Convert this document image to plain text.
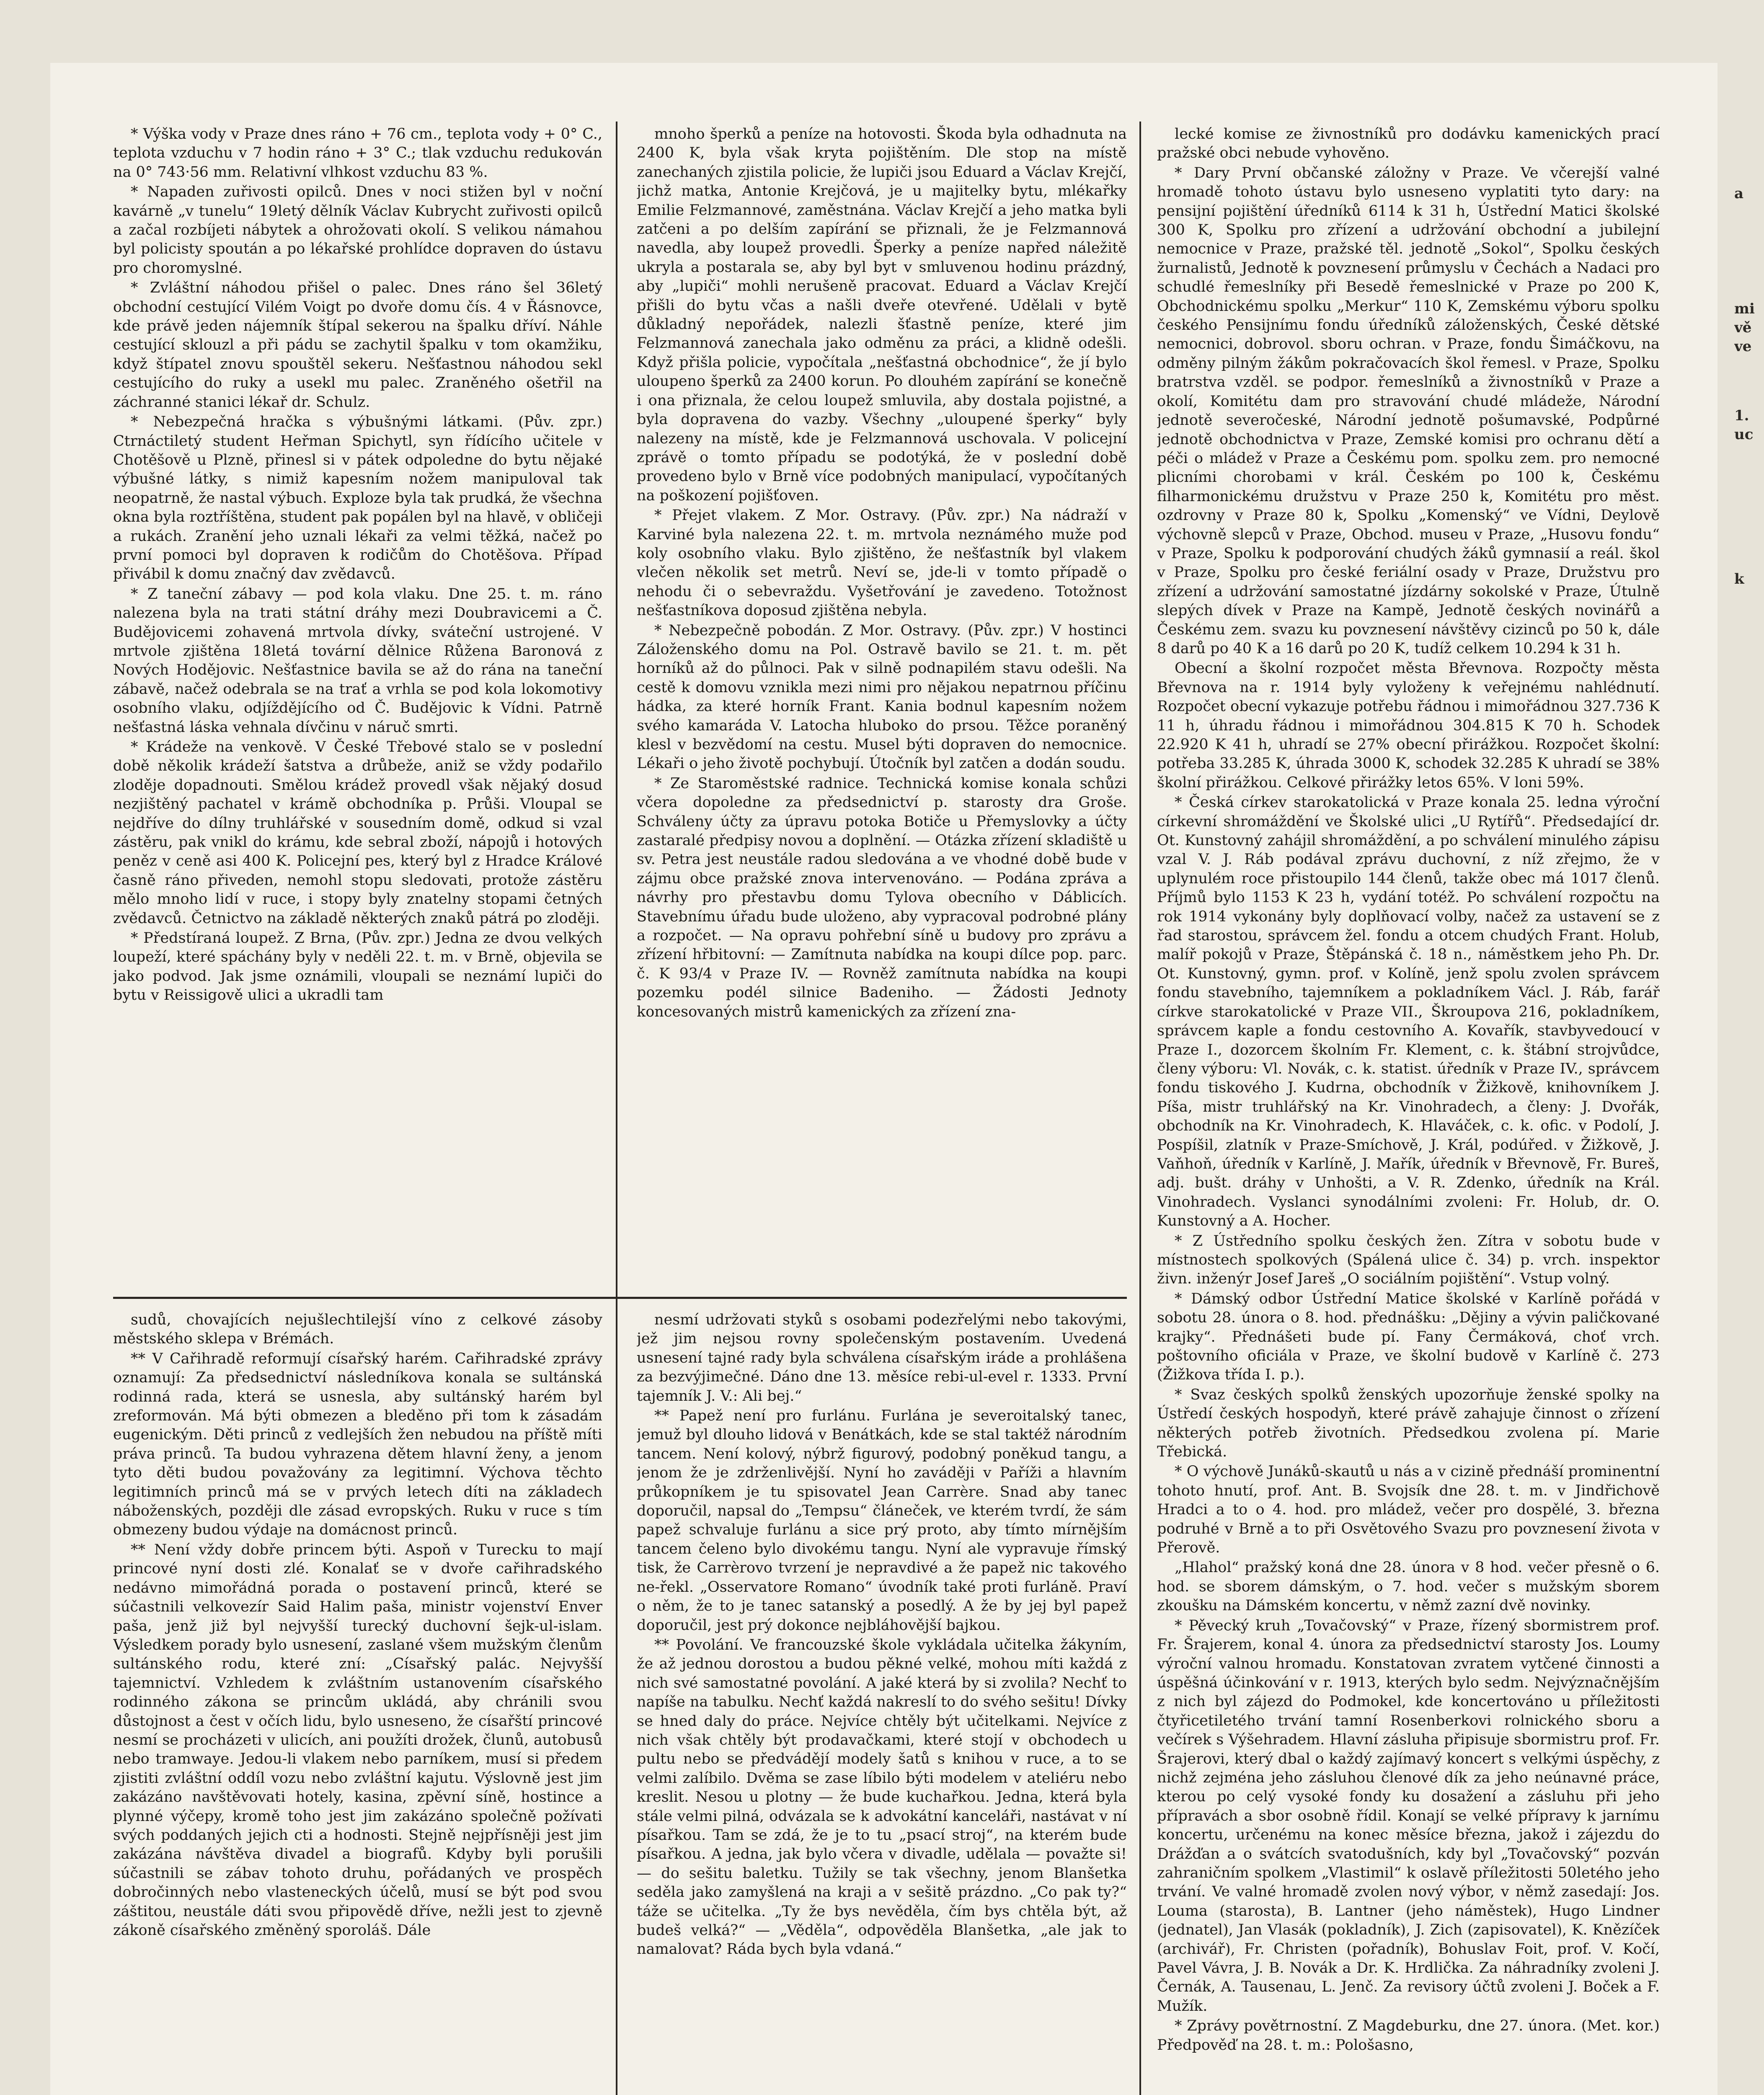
* Výška vody v Praze dnes ráno + 76 cm., teplota vody + 0° C., teplota vzduchu v 7 hodin ráno + 3° C.; tlak vzduchu redukován na 0° 743·56 mm. Relativní vlhkost vzduchu 83 %.

* Napaden zuřivosti opilců. Dnes v noci stižen byl v noční kavárně „v tunelu“ 19letý dělník Václav Kubrycht zuřivosti opilců a začal rozbíjeti nábytek a ohrožovati okolí. S velikou námahou byl policisty spoután a po lékařské prohlídce dopraven do ústavu pro choromyslné.

* Zvláštní náhodou přišel o palec. Dnes ráno šel 36letý obchodní cestující Vilém Voigt po dvoře domu čís. 4 v Řásnovce, kde právě jeden nájemník štípal sekerou na špalku dříví. Náhle cestující sklouzl a při pádu se zachytil špalku v tom okamžiku, když štípatel znovu spouštěl sekeru. Nešťastnou náhodou sekl cestujícího do ruky a usekl mu palec. Zraněného ošetřil na záchranné stanici lékař dr. Schulz.

* Nebezpečná hračka s výbušnými látkami. (Pův. zpr.) Ctrnáctiletý student Heřman Spichytl, syn řídícího učitele v Chotěšově u Plzně, přinesl si v pátek odpoledne do bytu nějaké výbušné látky, s nimiž kapesním nožem manipuloval tak neopatrně, že nastal výbuch. Exploze byla tak prudká, že všechna okna byla roztříštěna, student pak popálen byl na hlavě, v obličeji a rukách. Zranění jeho uznali lékaři za velmi těžká, načež po první pomoci byl dopraven k rodičům do Chotěšova. Případ přivábil k domu značný dav zvědavců.

* Z taneční zábavy — pod kola vlaku. Dne 25. t. m. ráno nalezena byla na trati státní dráhy mezi Doubravicemi a Č. Budějovicemi zohavená mrtvola dívky, sváteční ustrojené. V mrtvole zjištěna 18letá tovární dělnice Růžena Baronová z Nových Hodějovic. Nešťastnice bavila se až do rána na taneční zábavě, načež odebrala se na trať a vrhla se pod kola lokomotivy osobního vlaku, odjíždějícího od Č. Budějovic k Vídni. Patrně nešťastná láska vehnala dívčinu v náruč smrti.

* Krádeže na venkově. V České Třebové stalo se v poslední době několik krádeží šatstva a drůbeže, aniž se vždy podařilo zloděje dopadnouti. Smělou krádež provedl však nějaký dosud nezjištěný pachatel v krámě obchodníka p. Průši. Vloupal se nejdříve do dílny truhlářské v sousedním domě, odkud si vzal zástěru, pak vnikl do krámu, kde sebral zboží, nápojů i hotových peněz v ceně asi 400 K. Policejní pes, který byl z Hradce Králové časně ráno přiveden, nemohl stopu sledovati, protože zástěru mělo mnoho lidí v ruce, i stopy byly znatelny stopami četných zvědavců. Četnictvo na základě některých znaků pátrá po zloději.

* Předstíraná loupež. Z Brna, (Pův. zpr.) Jedna ze dvou velkých loupeží, které spáchány byly v neděli 22. t. m. v Brně, objevila se jako podvod. Jak jsme oznámili, vloupali se neznámí lupiči do bytu v Reissigově ulici a ukradli tam

mnoho šperků a peníze na hotovosti. Škoda byla odhadnuta na 2400 K, byla však kryta pojištěním. Dle stop na místě zanechaných zjistila policie, že lupiči jsou Eduard a Václav Krejčí, jichž matka, Antonie Krejčová, je u majitelky bytu, mlékařky Emilie Felzmannové, zaměstnána. Václav Krejčí a jeho matka byli zatčeni a po delším zapírání se přiznali, že je Felzmannová navedla, aby loupež provedli. Šperky a peníze napřed náležitě ukryla a postarala se, aby byl byt v smluvenou hodinu prázdný, aby „lupiči“ mohli nerušeně pracovat. Eduard a Václav Krejčí přišli do bytu včas a našli dveře otevřené. Udělali v bytě důkladný nepořádek, nalezli šťastně peníze, které jim Felzmannová zanechala jako odměnu za práci, a klidně odešli. Když přišla policie, vypočítala „nešťastná obchodnice“, že jí bylo uloupeno šperků za 2400 korun. Po dlouhém zapírání se konečně i ona přiznala, že celou loupež smluvila, aby dostala pojistné, a byla dopravena do vazby. Všechny „uloupené šperky“ byly nalezeny na místě, kde je Felzmannová uschovala. V policejní zprávě o tomto případu se podotýká, že v poslední době provedeno bylo v Brně více podobných manipulací, vypočítaných na poškození pojišťoven.

* Přejet vlakem. Z Mor. Ostravy. (Pův. zpr.) Na nádraží v Karviné byla nalezena 22. t. m. mrtvola neznámého muže pod koly osobního vlaku. Bylo zjištěno, že nešťastník byl vlakem vlečen několik set metrů. Neví se, jde-li v tomto případě o nehodu či o sebevraždu. Vyšetřování je zavedeno. Totožnost nešťastníkova doposud zjištěna nebyla.

* Nebezpečně pobodán. Z Mor. Ostravy. (Pův. zpr.) V hostinci Záloženského domu na Pol. Ostravě bavilo se 21. t. m. pět horníků až do půlnoci. Pak v silně podnapilém stavu odešli. Na cestě k domovu vznikla mezi nimi pro nějakou nepatrnou příčinu hádka, za které horník Frant. Kania bodnul kapesním nožem svého kamaráda V. Latocha hluboko do prsou. Těžce poraněný klesl v bezvědomí na cestu. Musel býti dopraven do nemocnice. Lékaři o jeho životě pochybují. Útočník byl zatčen a dodán soudu.

* Ze Staroměstské radnice. Technická komise konala schůzi včera dopoledne za předsednictví p. starosty dra Groše. Schváleny účty za úpravu potoka Botiče u Přemyslovky a účty zastaralé předpisy novou a doplnění. — Otázka zřízení skladiště u sv. Petra jest neustále radou sledována a ve vhodné době bude v zájmu obce pražské znova intervenováno. — Podána zpráva a návrhy pro přestavbu domu Tylova obecního v Dáblicích. Stavebnímu úřadu bude uloženo, aby vypracoval podrobné plány a rozpočet. — Na opravu pohřební síně u budovy pro zprávu a zřízení hřbitovní: — Zamítnuta nabídka na koupi dílce pop. parc. č. K 93/4 v Praze IV. — Rovněž zamítnuta nabídka na koupi pozemku podél silnice Badeniho. — Žádosti Jednoty koncesovaných mistrů kamenických za zřízení zna-

lecké komise ze živnostníků pro dodávku kamenických prací pražské obci nebude vyhověno.

* Dary První občanské záložny v Praze. Ve včerejší valné hromadě tohoto ústavu bylo usneseno vyplatiti tyto dary: na pensijní pojištění úředníků 6114 k 31 h, Ústřední Matici školské 300 K, Spolku pro zřízení a udržování obchodní a jubilejní nemocnice v Praze, pražské těl. jednotě „Sokol“, Spolku českých žurnalistů, Jednotě k povznesení průmyslu v Čechách a Nadaci pro schudlé řemeslníky při Besedě řemeslnické v Praze po 200 K, Obchodnickému spolku „Merkur“ 110 K, Zemskému výboru spolku českého Pensijnímu fondu úředníků záloženských, České dětské nemocnici, dobrovol. sboru ochran. v Praze, fondu Šimáčkovu, na odměny pilným žákům pokračovacích škol řemesl. v Praze, Spolku bratrstva vzděl. se podpor. řemeslníků a živnostníků v Praze a okolí, Komitétu dam pro stravování chudé mládeže, Národní jednotě severočeské, Národní jednotě pošumavské, Podpůrné jednotě obchodnictva v Praze, Zemské komisi pro ochranu dětí a péči o mládež v Praze a Českému pom. spolku zem. pro nemocné plicními chorobami v král. Českém po 100 k, Českému filharmonickému družstvu v Praze 250 k, Komitétu pro měst. ozdrovny v Praze 80 k, Spolku „Komenský“ ve Vídni, Deylově výchovně slepců v Praze, Obchod. museu v Praze, „Husovu fondu“ v Praze, Spolku k podporování chudých žáků gymnasií a reál. škol v Praze, Spolku pro české feriální osady v Praze, Družstvu pro zřízení a udržování samostatné jízdárny sokolské v Praze, Útulně slepých dívek v Praze na Kampě, Jednotě českých novinářů a Českému zem. svazu ku povznesení návštěvy cizinců po 50 k, dále 8 darů po 40 K a 16 darů po 20 K, tudíž celkem 10.294 k 31 h.

Obecní a školní rozpočet města Břevnova. Rozpočty města Břevnova na r. 1914 byly vyloženy k veřejnému nahlédnutí. Rozpočet obecní vykazuje potřebu řádnou i mimořádnou 327.736 K 11 h, úhradu řádnou i mimořádnou 304.815 K 70 h. Schodek 22.920 K 41 h, uhradí se 27% obecní přirážkou. Rozpočet školní: potřeba 33.285 K, úhrada 3000 K, schodek 32.285 K uhradí se 38% školní přirážkou. Celkové přirážky letos 65%. V loni 59%.

* Česká církev starokatolická v Praze konala 25. ledna výroční církevní shromáždění ve Školské ulici „U Rytířů“. Předsedající dr. Ot. Kunstovný zahájil shromáždění, a po schválení minulého zápisu vzal V. J. Ráb podával zprávu duchovní, z níž zřejmo, že v uplynulém roce přistoupilo 144 členů, takže obec má 1017 členů. Příjmů bylo 1153 K 23 h, vydání totéž. Po schválení rozpočtu na rok 1914 vykonány byly doplňovací volby, načež za ustavení se z řad starostou, správcem žel. fondu a otcem chudých Frant. Holub, malíř pokojů v Praze, Štěpánská č. 18 n., náměstkem jeho Ph. Dr. Ot. Kunstovný, gymn. prof. v Kolíně, jenž spolu zvolen správcem fondu stavebního, tajemníkem a pokladníkem Václ. J. Ráb, farář církve starokatolické v Praze VII., Škroupova 216, pokladníkem, správcem kaple a fondu cestovního A. Kovařík, stavbyvedoucí v Praze I., dozorcem školním Fr. Klement, c. k. štábní strojvůdce, členy výboru: Vl. Novák, c. k. statist. úředník v Praze IV., správcem fondu tiskového J. Kudrna, obchodník v Žižkově, knihovníkem J. Píša, mistr truhlářský na Kr. Vinohradech, a členy: J. Dvořák, obchodník na Kr. Vinohradech, K. Hlaváček, c. k. ofic. v Podolí, J. Pospíšil, zlatník v Praze-Smíchově, J. Král, podúřed. v Žižkově, J. Vaňhoň, úředník v Karlíně, J. Mařík, úředník v Břevnově, Fr. Bureš, adj. bušt. dráhy v Unhošti, a V. R. Zdenko, úředník na Král. Vinohradech. Vyslanci synodálními zvoleni: Fr. Holub, dr. O. Kunstovný a A. Hocher.

* Z Ústředního spolku českých žen. Zítra v sobotu bude v místnostech spolkových (Spálená ulice č. 34) p. vrch. inspektor živn. inženýr Josef Jareš „O sociálním pojištění“. Vstup volný.

* Dámský odbor Ústřední Matice školské v Karlíně pořádá v sobotu 28. února o 8. hod. přednášku: „Dějiny a vývin paličkované krajky“. Přednášeti bude pí. Fany Čermáková, choť vrch. poštovního oficiála v Praze, ve školní budově v Karlíně č. 273 (Žižkova třída I. p.).

* Svaz českých spolků ženských upozorňuje ženské spolky na Ústředí českých hospodyň, které právě zahajuje činnost o zřízení některých potřeb životních. Předsedkou zvolena pí. Marie Třebická.

* O výchově Junáků-skautů u nás a v cizině přednáší prominentní tohoto hnutí, prof. Ant. B. Svojsík dne 28. t. m. v Jindřichově Hradci a to o 4. hod. pro mládež, večer pro dospělé, 3. března podruhé v Brně a to při Osvětového Svazu pro povznesení života v Přerově.

„Hlahol“ pražský koná dne 28. února v 8 hod. večer přesně o 6. hod. se sborem dámským, o 7. hod. večer s mužským sborem zkoušku na Dámském koncertu, v němž zazní dvě novinky.

* Pěvecký kruh „Tovačovský“ v Praze, řízený sbormistrem prof. Fr. Šrajerem, konal 4. února za předsednictví starosty Jos. Loumy výroční valnou hromadu. Konstatovan zvratem vytčené činnosti a úspěšná účinkování v r. 1913, kterých bylo sedm. Nejvýznačnějším z nich byl zájezd do Podmokel, kde koncertováno u příležitosti čtyřicetiletého trvání tamní Rosenberkovi rolnického sboru a večírek s Výšehradem. Hlavní zásluha připisuje sbormistru prof. Fr. Šrajerovi, který dbal o každý zajímavý koncert s velkými úspěchy, z nichž zejména jeho zásluhou členové dík za jeho neúnavné práce, kterou po celý vysoké fondy ku dosažení a zásluhu při jeho přípravách a sbor osobně řídil. Konají se velké přípravy k jarnímu koncertu, určenému na konec měsíce března, jakož i zájezdu do Drážďan a o svátcích svatodušních, kdy byl „Tovačovský“ pozván zahraničním spolkem „Vlastimil“ k oslavě příležitosti 50letého jeho trvání. Ve valné hromadě zvolen nový výbor, v němž zasedají: Jos. Louma (starosta), B. Lantner (jeho náměstek), Hugo Lindner (jednatel), Jan Vlasák (pokladník), J. Zich (zapisovatel), K. Knězíček (archivář), Fr. Christen (pořadník), Bohuslav Foit, prof. V. Kočí, Pavel Vávra, J. B. Novák a Dr. K. Hrdlička. Za náhradníky zvoleni J. Černák, A. Tausenau, L. Jenč. Za revisory účtů zvoleni J. Boček a F. Mužík.

* Zprávy povětrnostní. Z Magdeburku, dne 27. února. (Met. kor.) Předpověď na 28. t. m.: Pološasno,

sudů, chovajících nejušlechtilejší víno z celkové zásoby městského sklepa v Brémách.

** V Cařihradě reformují císařský harém. Cařihradské zprávy oznamují: Za předsednictví následníkova konala se sultánská rodinná rada, která se usnesla, aby sultánský harém byl zreformován. Má býti obmezen a bleděno při tom k zásadám eugenickým. Děti princů z vedlejších žen nebudou na příště míti práva princů. Ta budou vyhrazena dětem hlavní ženy, a jenom tyto děti budou považovány za legitimní. Výchova těchto legitimních princů má se v prvých letech díti na základech náboženských, později dle zásad evropských. Ruku v ruce s tím obmezeny budou výdaje na domácnost princů.

** Není vždy dobře princem býti. Aspoň v Turecku to mají princové nyní dosti zlé. Konalať se v dvoře cařihradského nedávno mimořádná porada o postavení princů, které se súčastnili velkovezír Said Halim paša, ministr vojenství Enver paša, jenž již byl nejvyšší turecký duchovní šejk-ul-islam. Výsledkem porady bylo usnesení, zaslané všem mužským členům sultánského rodu, které zní: „Císařský palác. Nejvyšší tajemnictví. Vzhledem k zvláštním ustanovením císařského rodinného zákona se princům ukládá, aby chránili svou důstojnost a čest v očích lidu, bylo usneseno, že císařští princové nesmí se procházeti v ulicích, ani použíti drožek, člunů, autobusů nebo tramwaye. Jedou-li vlakem nebo parníkem, musí si předem zjistiti zvláštní oddíl vozu nebo zvláštní kajutu. Výslovně jest jim zakázáno navštěvovati hotely, kasina, zpěvní síně, hostince a plynné výčepy, kromě toho jest jim zakázáno společně požívati svých poddaných jejich cti a hodnosti. Stejně nejpřísněji jest jim zakázána návštěva divadel a biografů. Kdyby byli porušili súčastnili se zábav tohoto druhu, pořádaných ve prospěch dobročinných nebo vlasteneckých účelů, musí se být pod svou záštitou, neustále dáti svou připovědě dříve, nežli jest to zjevně zákoně císařského změněný sporoláš. Dále

nesmí udržovati styků s osobami podezřelými nebo takovými, jež jim nejsou rovny společenským postavením. Uvedená usnesení tajné rady byla schválena císařským iráde a prohlášena za bezvýjimečné. Dáno dne 13. měsíce rebi-ul-evel r. 1333. První tajemník J. V.: Ali bej.“

** Papež není pro furlánu. Furlána je severoitalský tanec, jemuž byl dlouho lidová v Benátkách, kde se stal taktéž národním tancem. Není kolový, nýbrž figurový, podobný poněkud tangu, a jenom že je zdrženlivější. Nyní ho zaváději v Paříži a hlavním průkopníkem je tu spisovatel Jean Carrère. Snad aby tanec doporučil, napsal do „Tempsu“ článeček, ve kterém tvrdí, že sám papež schvaluje furlánu a sice prý proto, aby tímto mírnějším tancem čeleno bylo divokému tangu. Nyní ale vypravuje římský tisk, že Carrèrovo tvrzení je nepravdivé a že papež nic takového ne-řekl. „Osservatore Romano“ úvodník také proti furláně. Praví o něm, že to je tanec satanský a posedlý. A že by jej byl papež doporučil, jest prý dokonce nejbláhovější bajkou.

** Povolání. Ve francouzské škole vykládala učitelka žákyním, že až jednou dorostou a budou pěkné velké, mohou míti každá z nich své samostatné povolání. A jaké která by si zvolila? Nechť to napíše na tabulku. Nechť každá nakreslí to do svého sešitu! Dívky se hned daly do práce. Nejvíce chtěly být učitelkami. Nejvíce z nich však chtěly být prodavačkami, které stojí v obchodech u pultu nebo se předvádějí modely šatů s knihou v ruce, a to se velmi zalíbilo. Dvěma se zase líbilo býti modelem v ateliéru nebo kreslit. Nesou u plotny — že bude kuchařkou. Jedna, která byla stále velmi pilná, odvázala se k advokátní kanceláři, nastávat v ní písařkou. Tam se zdá, že je to tu „psací stroj“, na kterém bude písařkou. A jedna, jak bylo včera v divadle, udělala — považte si! — do sešitu baletku. Tužily se tak všechny, jenom Blanšetka seděla jako zamyšlená na kraji a v sešitě prázdno. „Co pak ty?“ táže se učitelka. „Ty že bys nevěděla, čím bys chtěla být, až budeš velká?“ — „Věděla“, odpověděla Blanšetka, „ale jak to namalovat? Ráda bych byla vdaná.“

a
mi
vě
ve
1.
uc
k
